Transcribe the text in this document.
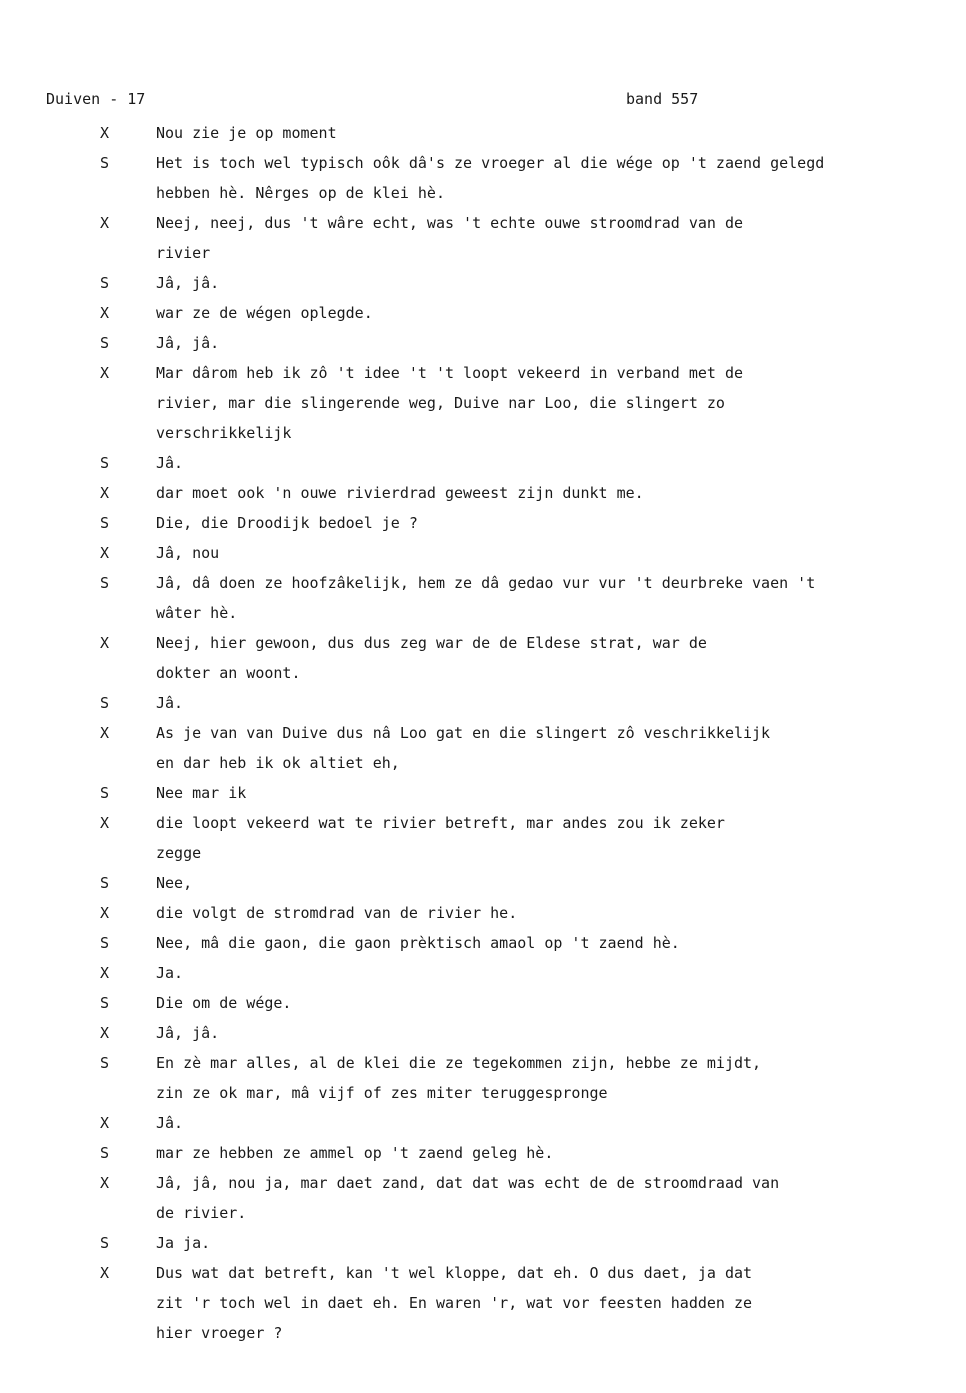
Duiven - 17	band 557
X	Nou zie je op moment
S	Het is toch wel typisch oôk dâ's ze vroeger al die wége op 't zaend gelegd
hebben hè. Nêrges op de klei hè.
X	Neej, neej, dus 't wâre echt, was 't echte ouwe stroomdrad van de
rivier
S	Jâ, jâ.
X	war ze de wégen oplegde.
S	Jâ, jâ.
X	Mar dârom heb ik zô 't idee 't 't loopt vekeerd in verband met de
rivier, mar die slingerende weg, Duive nar Loo, die slingert zo
verschrikkelijk
S	Jâ.
X	dar moet ook 'n ouwe rivierdrad geweest zijn dunkt me.
S	Die, die Droodijk bedoel je ?
X	Jâ, nou
S	Jâ, dâ doen ze hoofzâkelijk, hem ze dâ gedao vur vur 't deurbreke vaen 't
wâter hè.
X	Neej, hier gewoon, dus dus zeg war de de Eldese strat, war de
dokter an woont.
S	Jâ.
X	As je van van Duive dus nâ Loo gat en die slingert zô veschrikkelijk
en dar heb ik ok altiet eh,
S	Nee mar ik
X	die loopt vekeerd wat te rivier betreft, mar andes zou ik zeker
zegge
S	Nee,
X	die volgt de stromdrad van de rivier he.
S	Nee, mâ die gaon, die gaon prèktisch amaol op 't zaend hè.
X	Ja.
S	Die om de wége.
X	Jâ, jâ.
S	En zè mar alles, al de klei die ze tegekommen zijn, hebbe ze mijdt,
zin ze ok mar, mâ vijf of zes miter teruggesprongе
X	Jâ.
S	mar ze hebben ze ammel op 't zaend geleg hè.
X	Jâ, jâ, nou ja, mar daet zand, dat dat was echt de de stroomdraad van
de rivier.
S	Ja ja.
X	Dus wat dat betreft, kan 't wel kloppe, dat eh. O dus daet, ja dat
zit 'r toch wel in daet eh. En waren 'r, wat vor feesten hadden ze
hier vroeger ?
